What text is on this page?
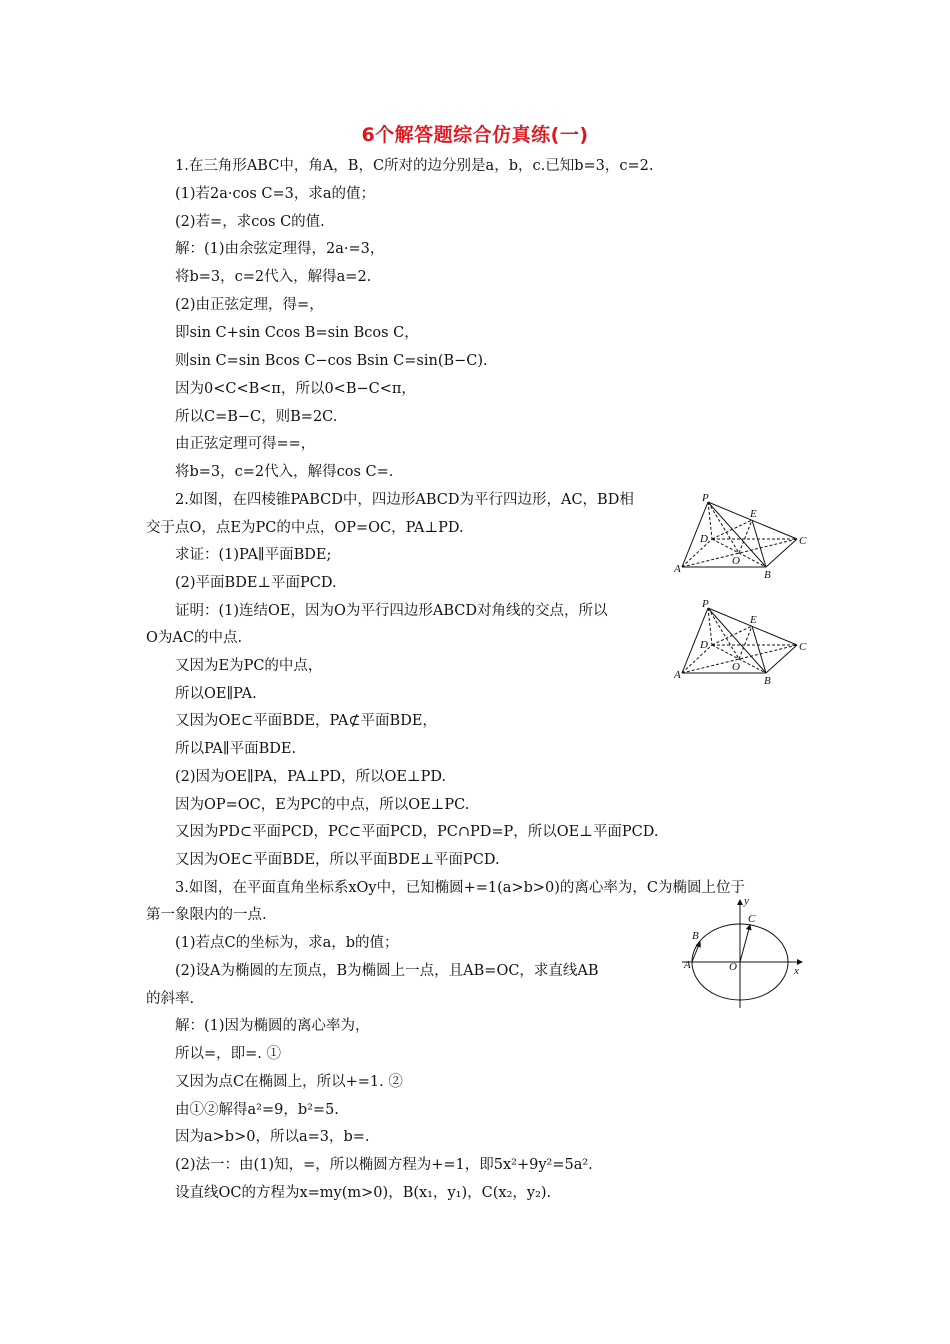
6个解答题综合仿真练(一)
1.在三角形ABC中，角A，B，C所对的边分别是a，b，c.已知b=3，c=2.
(1)若2a·cos C=3，求a的值；
(2)若=，求cos C的值.
解：(1)由余弦定理得，2a·=3，
将b=3，c=2代入，解得a=2.
(2)由正弦定理，得=，
即sin C+sin Ccos B=sin Bcos C，
则sin C=sin Bcos C−cos Bsin C=sin(B−C).
因为0<C<B<π，所以0<B−C<π，
所以C=B−C，则B=2C.
由正弦定理可得==，
将b=3，c=2代入，解得cos C=.
2.如图，在四棱锥PABCD中，四边形ABCD为平行四边形，AC，BD相
交于点O，点E为PC的中点，OP=OC，PA⊥PD.
求证：(1)PA∥平面BDE;
(2)平面BDE⊥平面PCD.
证明：(1)连结OE，因为O为平行四边形ABCD对角线的交点，所以
O为AC的中点.
又因为E为PC的中点，
所以OE∥PA.
又因为OE⊂平面BDE，PA⊄平面BDE，
所以PA∥平面BDE.
(2)因为OE∥PA，PA⊥PD，所以OE⊥PD.
因为OP=OC，E为PC的中点，所以OE⊥PC.
又因为PD⊂平面PCD，PC⊂平面PCD，PC∩PD=P，所以OE⊥平面PCD.
又因为OE⊂平面BDE，所以平面BDE⊥平面PCD.
3.如图，在平面直角坐标系xOy中，已知椭圆+=1(a>b>0)的离心率为，C为椭圆上位于
第一象限内的一点.
(1)若点C的坐标为，求a，b的值；
(2)设A为椭圆的左顶点，B为椭圆上一点，且AB=OC，求直线AB
的斜率.
解：(1)因为椭圆的离心率为，
所以=，即=. ①
又因为点C在椭圆上，所以+=1. ②
由①②解得a²=9，b²=5.
因为a>b>0，所以a=3，b=.
(2)法一：由(1)知，=，所以椭圆方程为+=1，即5x²+9y²=5a².
设直线OC的方程为x=my(m>0)，B(x₁，y₁)，C(x₂，y₂).
P
E
D
O
C
A	B
P
E
D
O
C
A	B
y
C
B
A	O	x
